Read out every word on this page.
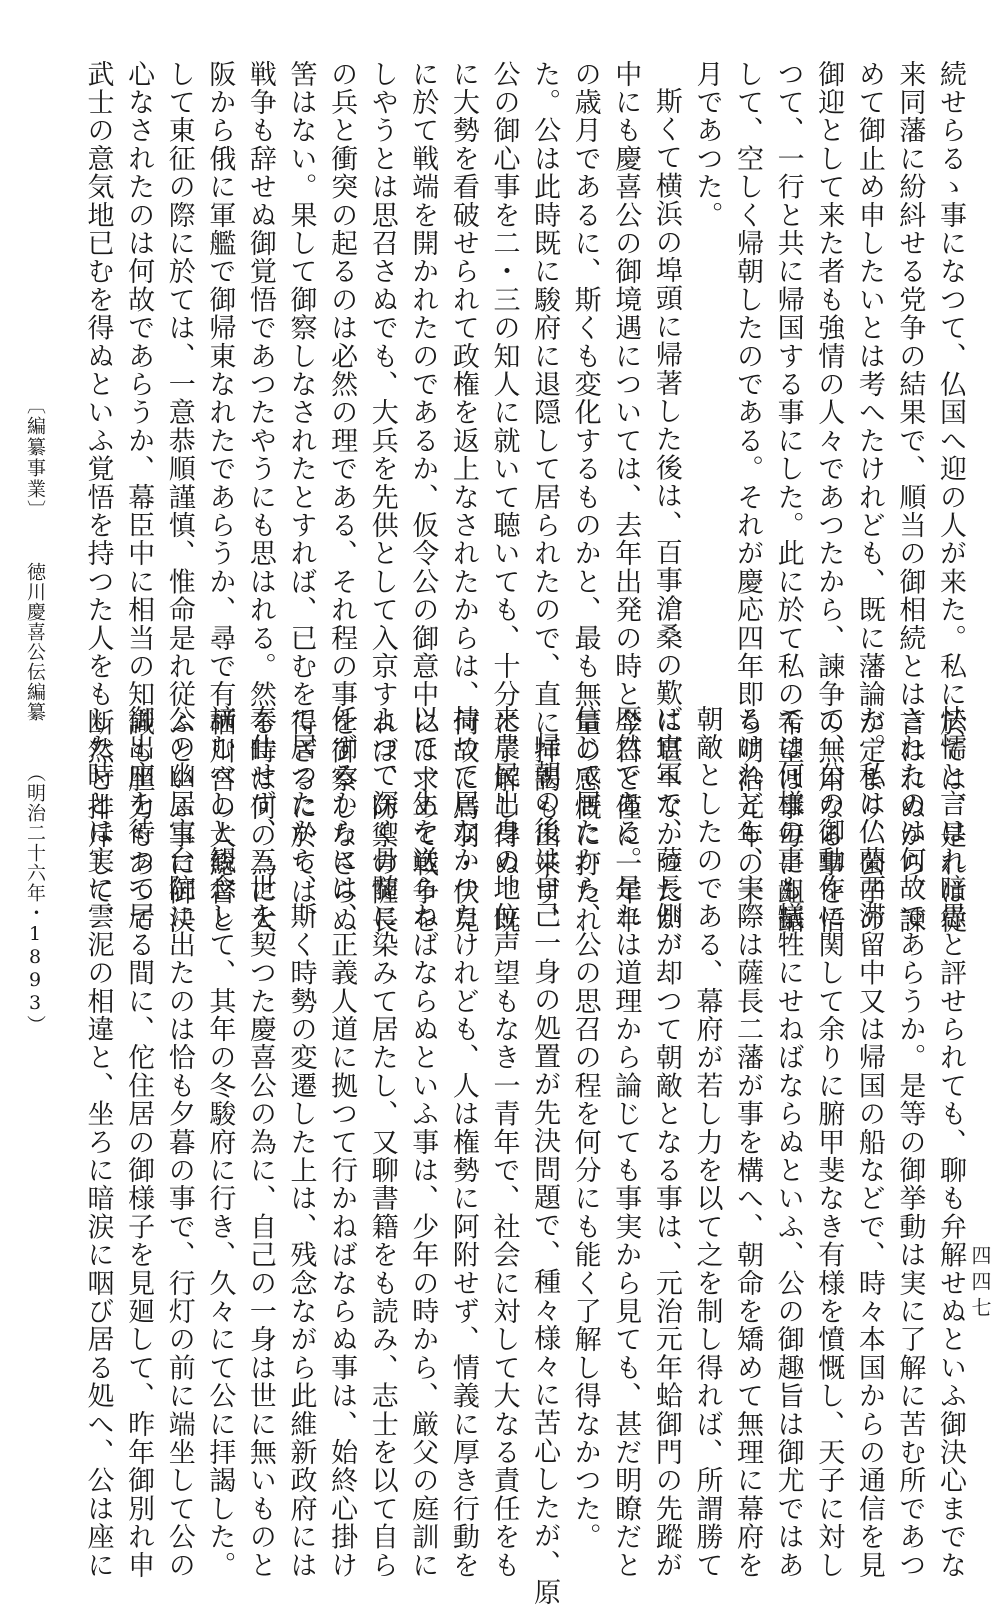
続せらるゝ事になつて、仏国へ迎の人が来た。私に於ては、是れは従
来同藩に紛紏せる党争の結果で、順当の御相続とは言はれぬから、諫
めて御止め申したいとは考へたけれども、既に藩論が定まり、公子の
御迎として来た者も強情の人々であつたから、諫争の無用なる事を悟
つて、一行と共に帰国する事にした。此に於て私の希望は事毎に齟齬
して、空しく帰朝したのである。それが慶応四年即ち明治元年の十一
月であつた。
斯くて横浜の埠頭に帰著した後は、百事滄桑の歎に堪へなかつたが、
中にも慶喜公の御境遇については、去年出発の時と今日と僅に一年半
の歳月であるに、斯くも変化するものかと、最も無量の感慨に打たれ
た。公は此時既に駿府に退隠して居られたので、直に拝謁も出来ず、
公の御心事を二・三の知人に就いて聴いても、十分に了解し得ぬ。既
に大勢を看破せられて政権を返上なされたからは、何故に鳥羽・伏見
に於て戦端を開かれたのであるか、仮令公の御意中には求めて戦争を
しやうとは思召さぬでも、大兵を先供として入京すれば、防禦の薩長
の兵と衝突の起るのは必然の理である、それ程の事を御察しなさらぬ
筈はない。果して御察しなされたとすれば、已むを得ざるに於ては、
戦争も辞せぬ御覚悟であつたやうにも思はれる。然る時は何の為に大
阪から俄に軍艦で御帰東なれたであらうか、尋で有栖川宮の大総督と
して東征の際に於ては、一意恭順謹慎、惟命是れ従ふといふ事に御決
心なされたのは何故であらうか、幕臣中に相当の知識も胆力もあつて
武士の意気地已むを得ぬといふ覚悟を持つた人をも断然と排斥して、
怯懦と言はれ暗愚と評せられても、聊も弁解せぬといふ御決心までな
されたのは何故であらうか。是等の御挙動は実に了解に苦む所であつ
た。私は仏蘭西滞留中又は帰国の船などで、時々本国からの通信を見
て、公の御動作に関して余りに腑甲斐なき有様を憤慨し、天子に対し
ては何様の事も犠牲にせねばならぬといふ、公の御趣旨は御尤ではあ
るけれども、実際は薩長二藩が事を構へ、朝命を矯めて無理に幕府を
朝敵としたのである、幕府が若し力を以て之を制し得れば、所謂勝て
ば官軍で、薩長側が却つて朝敵となる事は、元治元年蛤御門の先蹤が
歴然である。是れは道理から論じても事実から見ても、甚だ明瞭だと
信じて居たから、公の思召の程を何分にも能く了解し得なかつた。
帰朝の後は自己一身の処置が先決問題で、種々様々に苦心したが、原
来農民出身の地位声望もなき一青年で、社会に対して大なる責任をも
持つて居なかつたけれども、人は権勢に阿附せず、情義に厚き行動を
以て一生を送らねばならぬといふ事は、少年の時から、厳父の庭訓に
よつて深く骨髄に染みて居たし、又聊書籍をも読み、志士を以て自ら
任ずるからには、正義人道に拠つて行かねばならぬ事は、始終心掛け
て居つたから、斯く時勢の変遷した上は、残念ながら此維新政府には
奉仕せず、三世を契つた慶喜公の為に、自己の一身は世に無いものと
諦むべしと観念して、其年の冬駿府に行き、久々にて公に拝謁した。
公の幽居宝台院に出たのは恰も夕暮の事で、行灯の前に端坐して公の
御出座を待つて居る間に、佗住居の御様子を見廻して、昨年御別れ申
した時とは実に雲泥の相違と、坐ろに暗涙に咽び居る処へ、公は座に	四四七
〔編纂事業〕 徳川慶喜公伝編纂 （明治二十六年・1893）
